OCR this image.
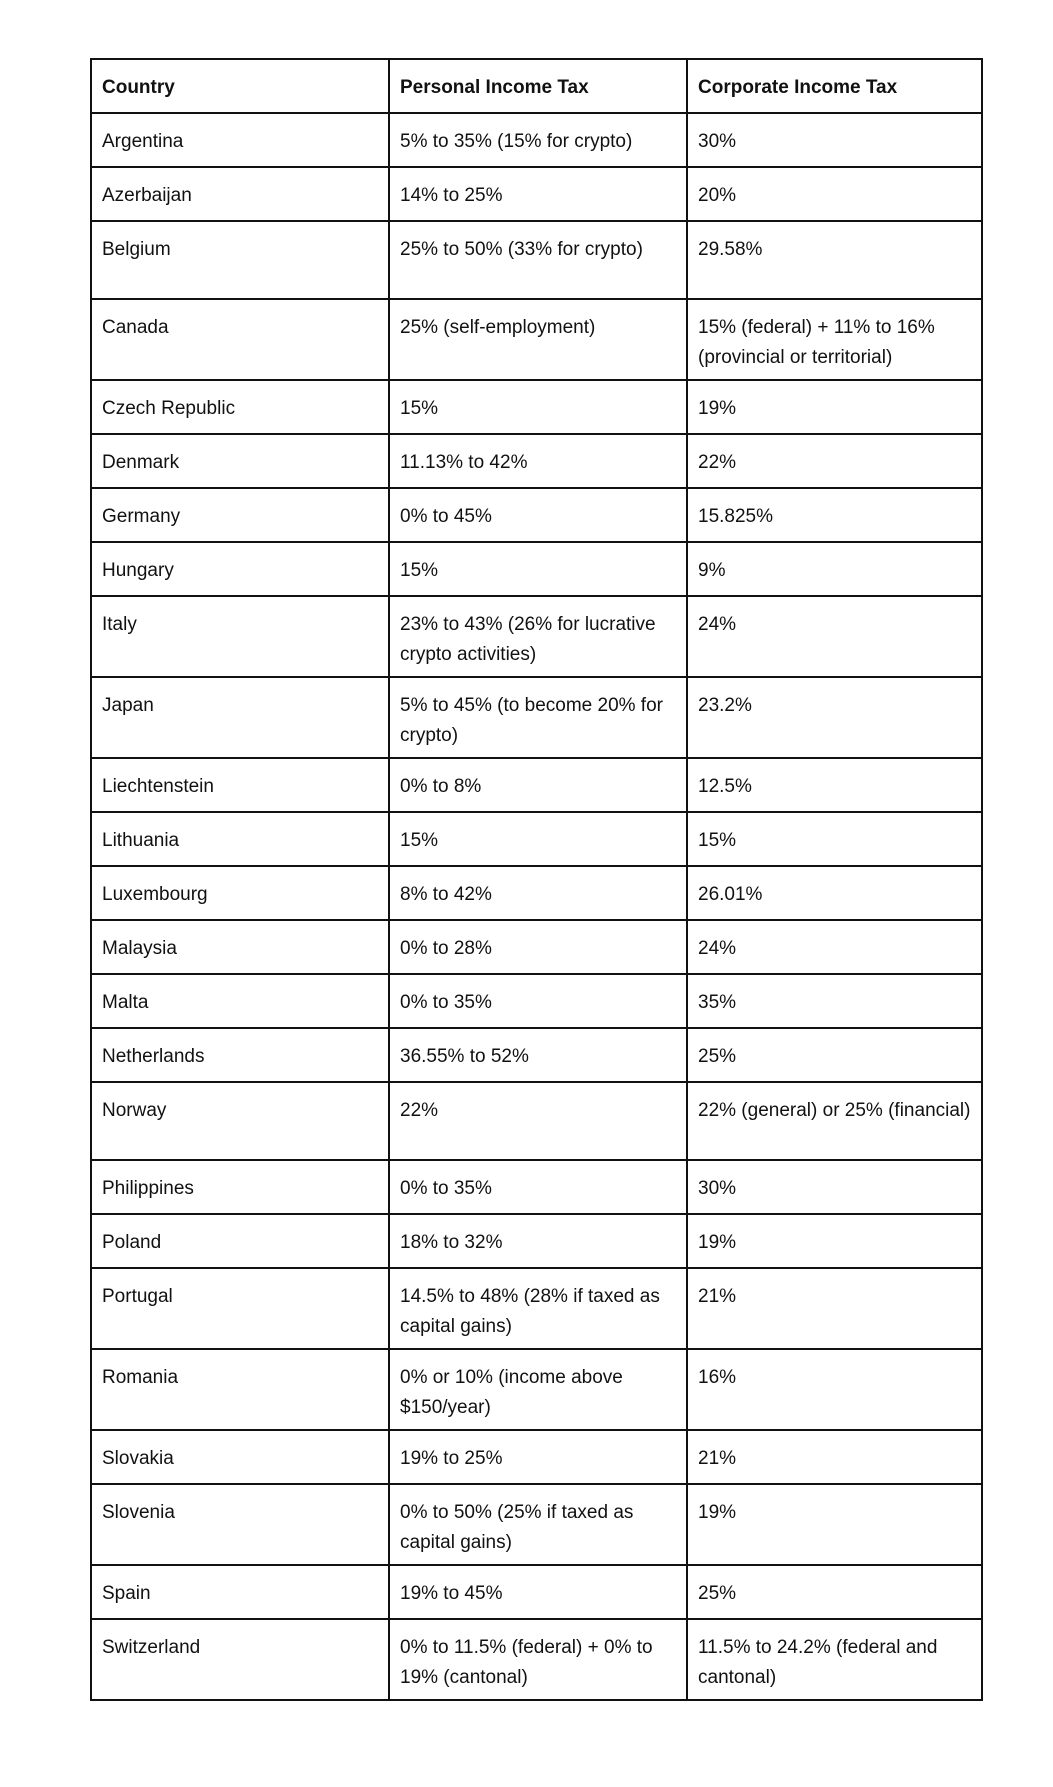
Country	Personal Income Tax	Corporate Income Tax
Argentina	5% to 35% (15% for crypto)	30%
Azerbaijan	14% to 25%	20%
Belgium	25% to 50% (33% for crypto)	29.58%
Canada	25% (self-employment)	15% (federal) + 11% to 16% (provincial or territorial)
Czech Republic	15%	19%
Denmark	11.13% to 42%	22%
Germany	0% to 45%	15.825%
Hungary	15%	9%
Italy	23% to 43% (26% for lucrative crypto activities)	24%
Japan	5% to 45% (to become 20% for crypto)	23.2%
Liechtenstein	0% to 8%	12.5%
Lithuania	15%	15%
Luxembourg	8% to 42%	26.01%
Malaysia	0% to 28%	24%
Malta	0% to 35%	35%
Netherlands	36.55% to 52%	25%
Norway	22%	22% (general) or 25% (financial)
Philippines	0% to 35%	30%
Poland	18% to 32%	19%
Portugal	14.5% to 48% (28% if taxed as capital gains)	21%
Romania	0% or 10% (income above $150/year)	16%
Slovakia	19% to 25%	21%
Slovenia	0% to 50% (25% if taxed as capital gains)	19%
Spain	19% to 45%	25%
Switzerland	0% to 11.5% (federal) + 0% to 19% (cantonal)	11.5% to 24.2% (federal and cantonal)
